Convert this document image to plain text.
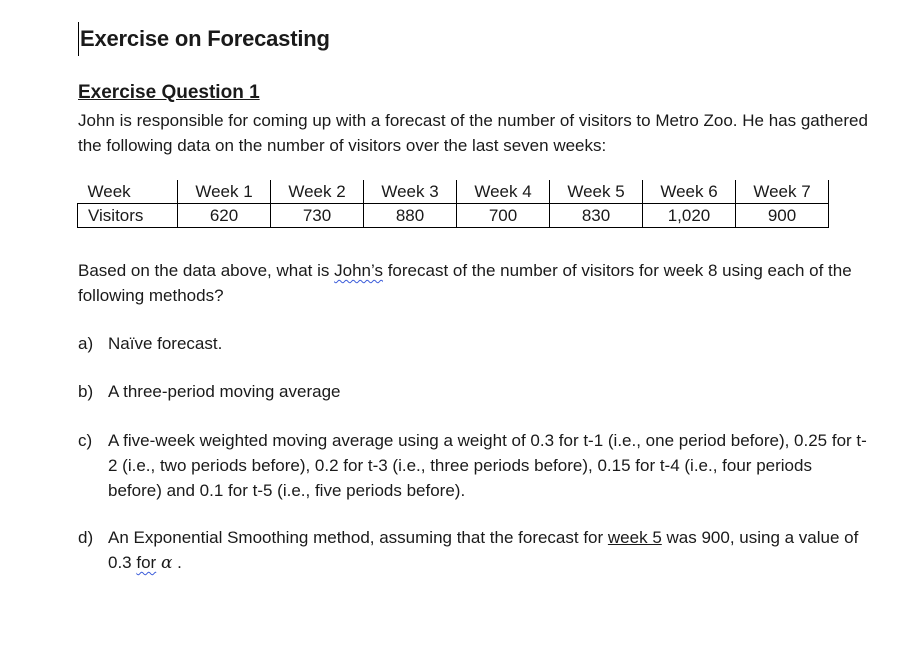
Exercise on Forecasting
Exercise Question 1
John is responsible for coming up with a forecast of the number of visitors to Metro Zoo. He has gathered the following data on the number of visitors over the last seven weeks:
Week	Week 1	Week 2	Week 3	Week 4	Week 5	Week 6	Week 7
Visitors	620	730	880	700	830	1,020	900
Based on the data above, what is John’s forecast of the number of visitors for week 8 using each of the following methods?
a) Naïve forecast.
b) A three-period moving average
c) A five-week weighted moving average using a weight of 0.3 for t-1 (i.e., one period before), 0.25 for t-2 (i.e., two periods before), 0.2 for t-3 (i.e., three periods before), 0.15 for t-4 (i.e., four periods before) and 0.1 for t-5 (i.e., five periods before).
d) An Exponential Smoothing method, assuming that the forecast for week 5 was 900, using a value of 0.3 for α .
